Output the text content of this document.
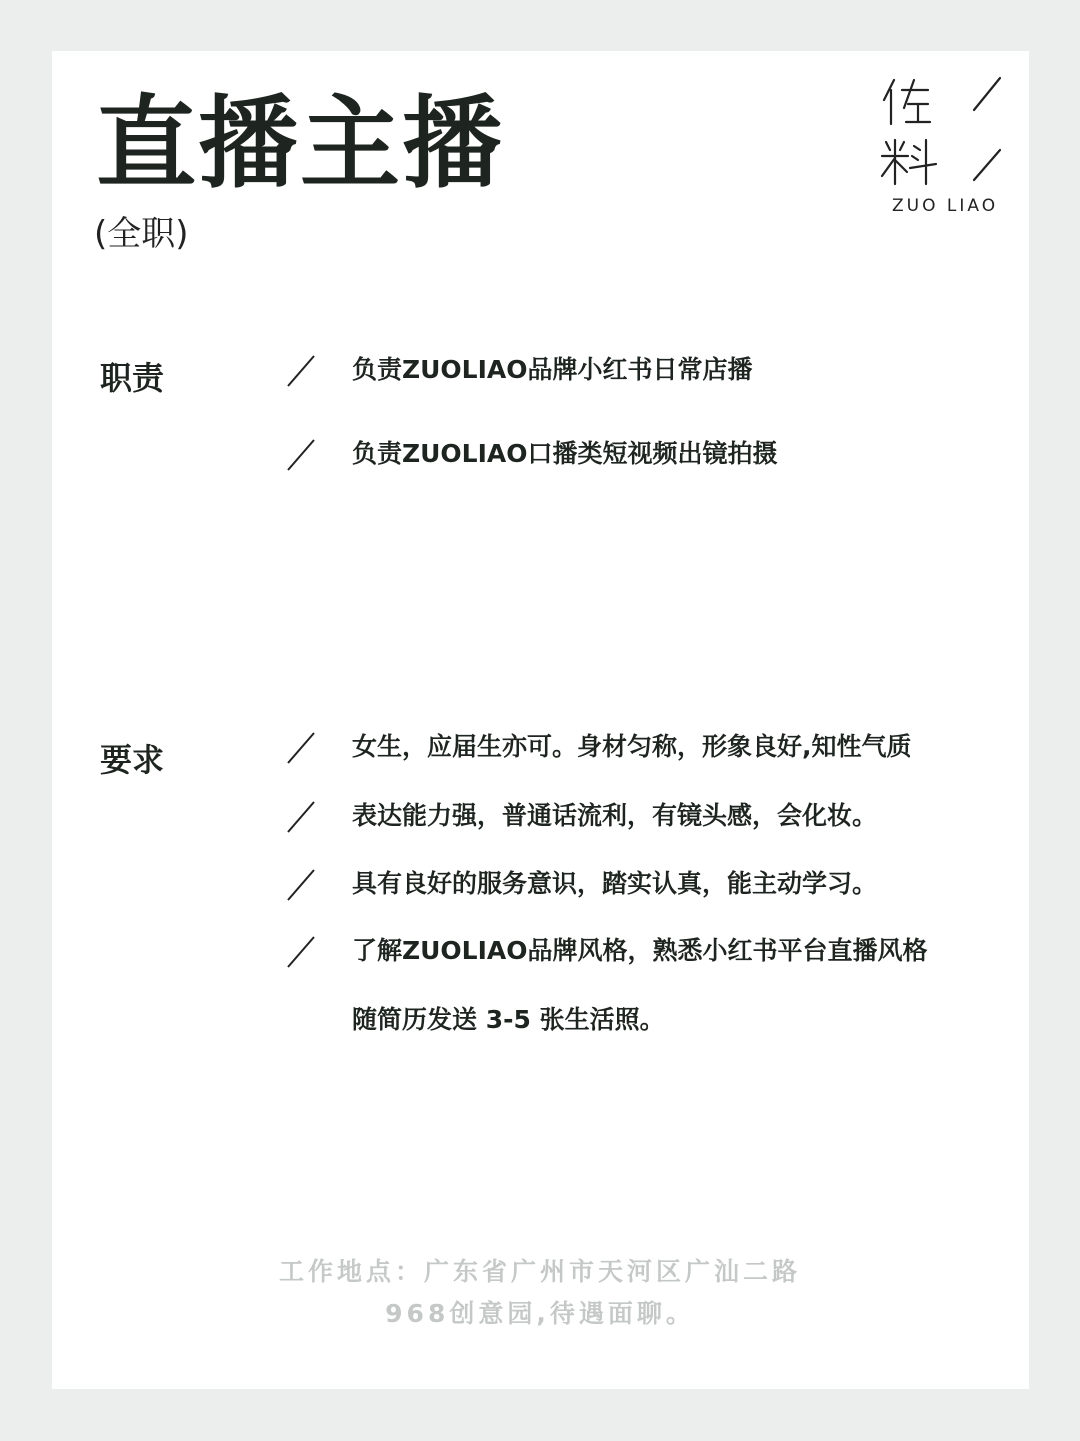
直播主播
(全职)
ZUO LIAO
职责	负责ZUOLIAO品牌小红书日常店播
负责ZUOLIAO口播类短视频出镜拍摄
要求	女生，应届生亦可。身材匀称，形象良好,知性气质
表达能力强，普通话流利，有镜头感，会化妆。
具有良好的服务意识，踏实认真，能主动学习。
了解ZUOLIAO品牌风格，熟悉小红书平台直播风格
随简历发送 3-5 张生活照。
工作地点：广东省广州市天河区广汕二路
968创意园,待遇面聊。
